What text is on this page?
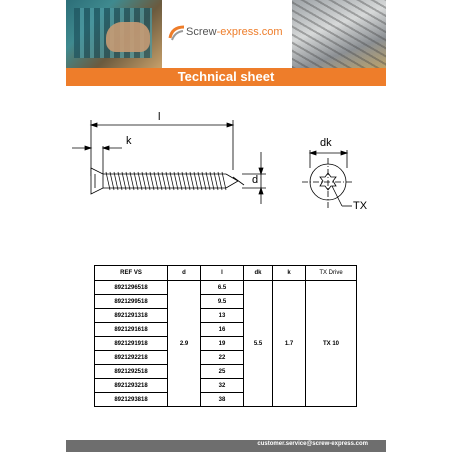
Screw-express.com
Technical sheet
l
k
d
dk
TX
REF VS	d	l	dk	k	TX Drive
8921296518	2.9	6.5	5.5	1.7	TX 10
8921299518		9.5			
8921291318		13			
8921291618		16			
8921291918		19			
8921292218		22			
8921292518		25			
8921293218		32			
8921293818		38			
customer.service@screw-express.com
